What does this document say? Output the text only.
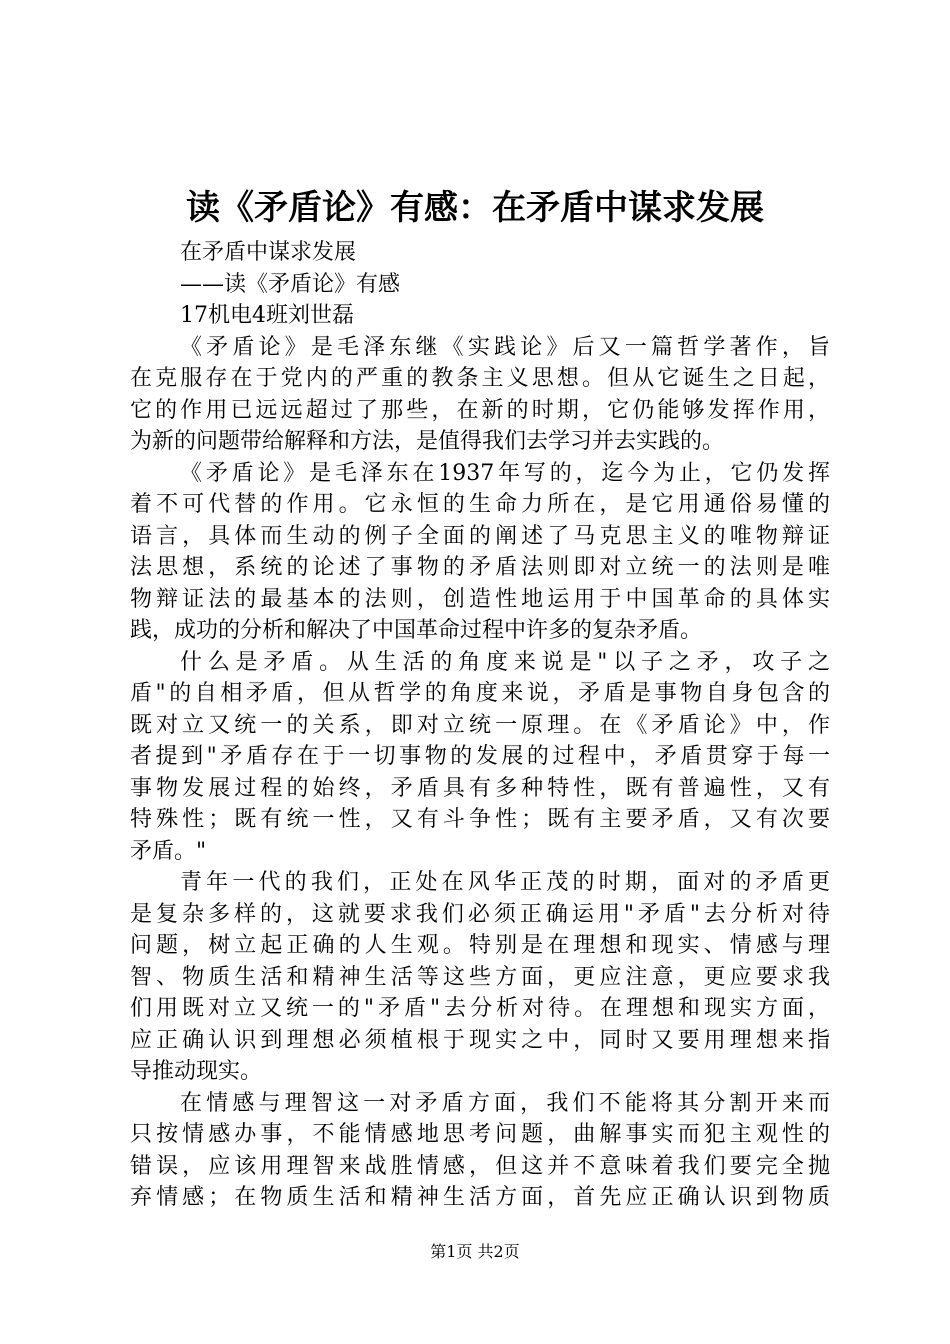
读《矛盾论》有感：在矛盾中谋求发展
在矛盾中谋求发展
——读《矛盾论》有感
17机电4班刘世磊
《矛盾论》是毛泽东继《实践论》后又一篇哲学著作，旨
在克服存在于党内的严重的教条主义思想。但从它诞生之日起，
它的作用已远远超过了那些，在新的时期，它仍能够发挥作用，
为新的问题带给解释和方法，是值得我们去学习并去实践的。
《矛盾论》是毛泽东在1937年写的，迄今为止，它仍发挥
着不可代替的作用。它永恒的生命力所在，是它用通俗易懂的
语言，具体而生动的例子全面的阐述了马克思主义的唯物辩证
法思想，系统的论述了事物的矛盾法则即对立统一的法则是唯
物辩证法的最基本的法则，创造性地运用于中国革命的具体实
践，成功的分析和解决了中国革命过程中许多的复杂矛盾。
什么是矛盾。从生活的角度来说是"以子之矛，攻子之
盾"的自相矛盾，但从哲学的角度来说，矛盾是事物自身包含的
既对立又统一的关系，即对立统一原理。在《矛盾论》中，作
者提到"矛盾存在于一切事物的发展的过程中，矛盾贯穿于每一
事物发展过程的始终，矛盾具有多种特性，既有普遍性，又有
特殊性；既有统一性，又有斗争性；既有主要矛盾，又有次要
矛盾。"
青年一代的我们，正处在风华正茂的时期，面对的矛盾更
是复杂多样的，这就要求我们必须正确运用"矛盾"去分析对待
问题，树立起正确的人生观。特别是在理想和现实、情感与理
智、物质生活和精神生活等这些方面，更应注意，更应要求我
们用既对立又统一的"矛盾"去分析对待。在理想和现实方面，
应正确认识到理想必须植根于现实之中，同时又要用理想来指
导推动现实。
在情感与理智这一对矛盾方面，我们不能将其分割开来而
只按情感办事，不能情感地思考问题，曲解事实而犯主观性的
错误，应该用理智来战胜情感，但这并不意味着我们要完全抛
弃情感；在物质生活和精神生活方面，首先应正确认识到物质
第1页 共2页
